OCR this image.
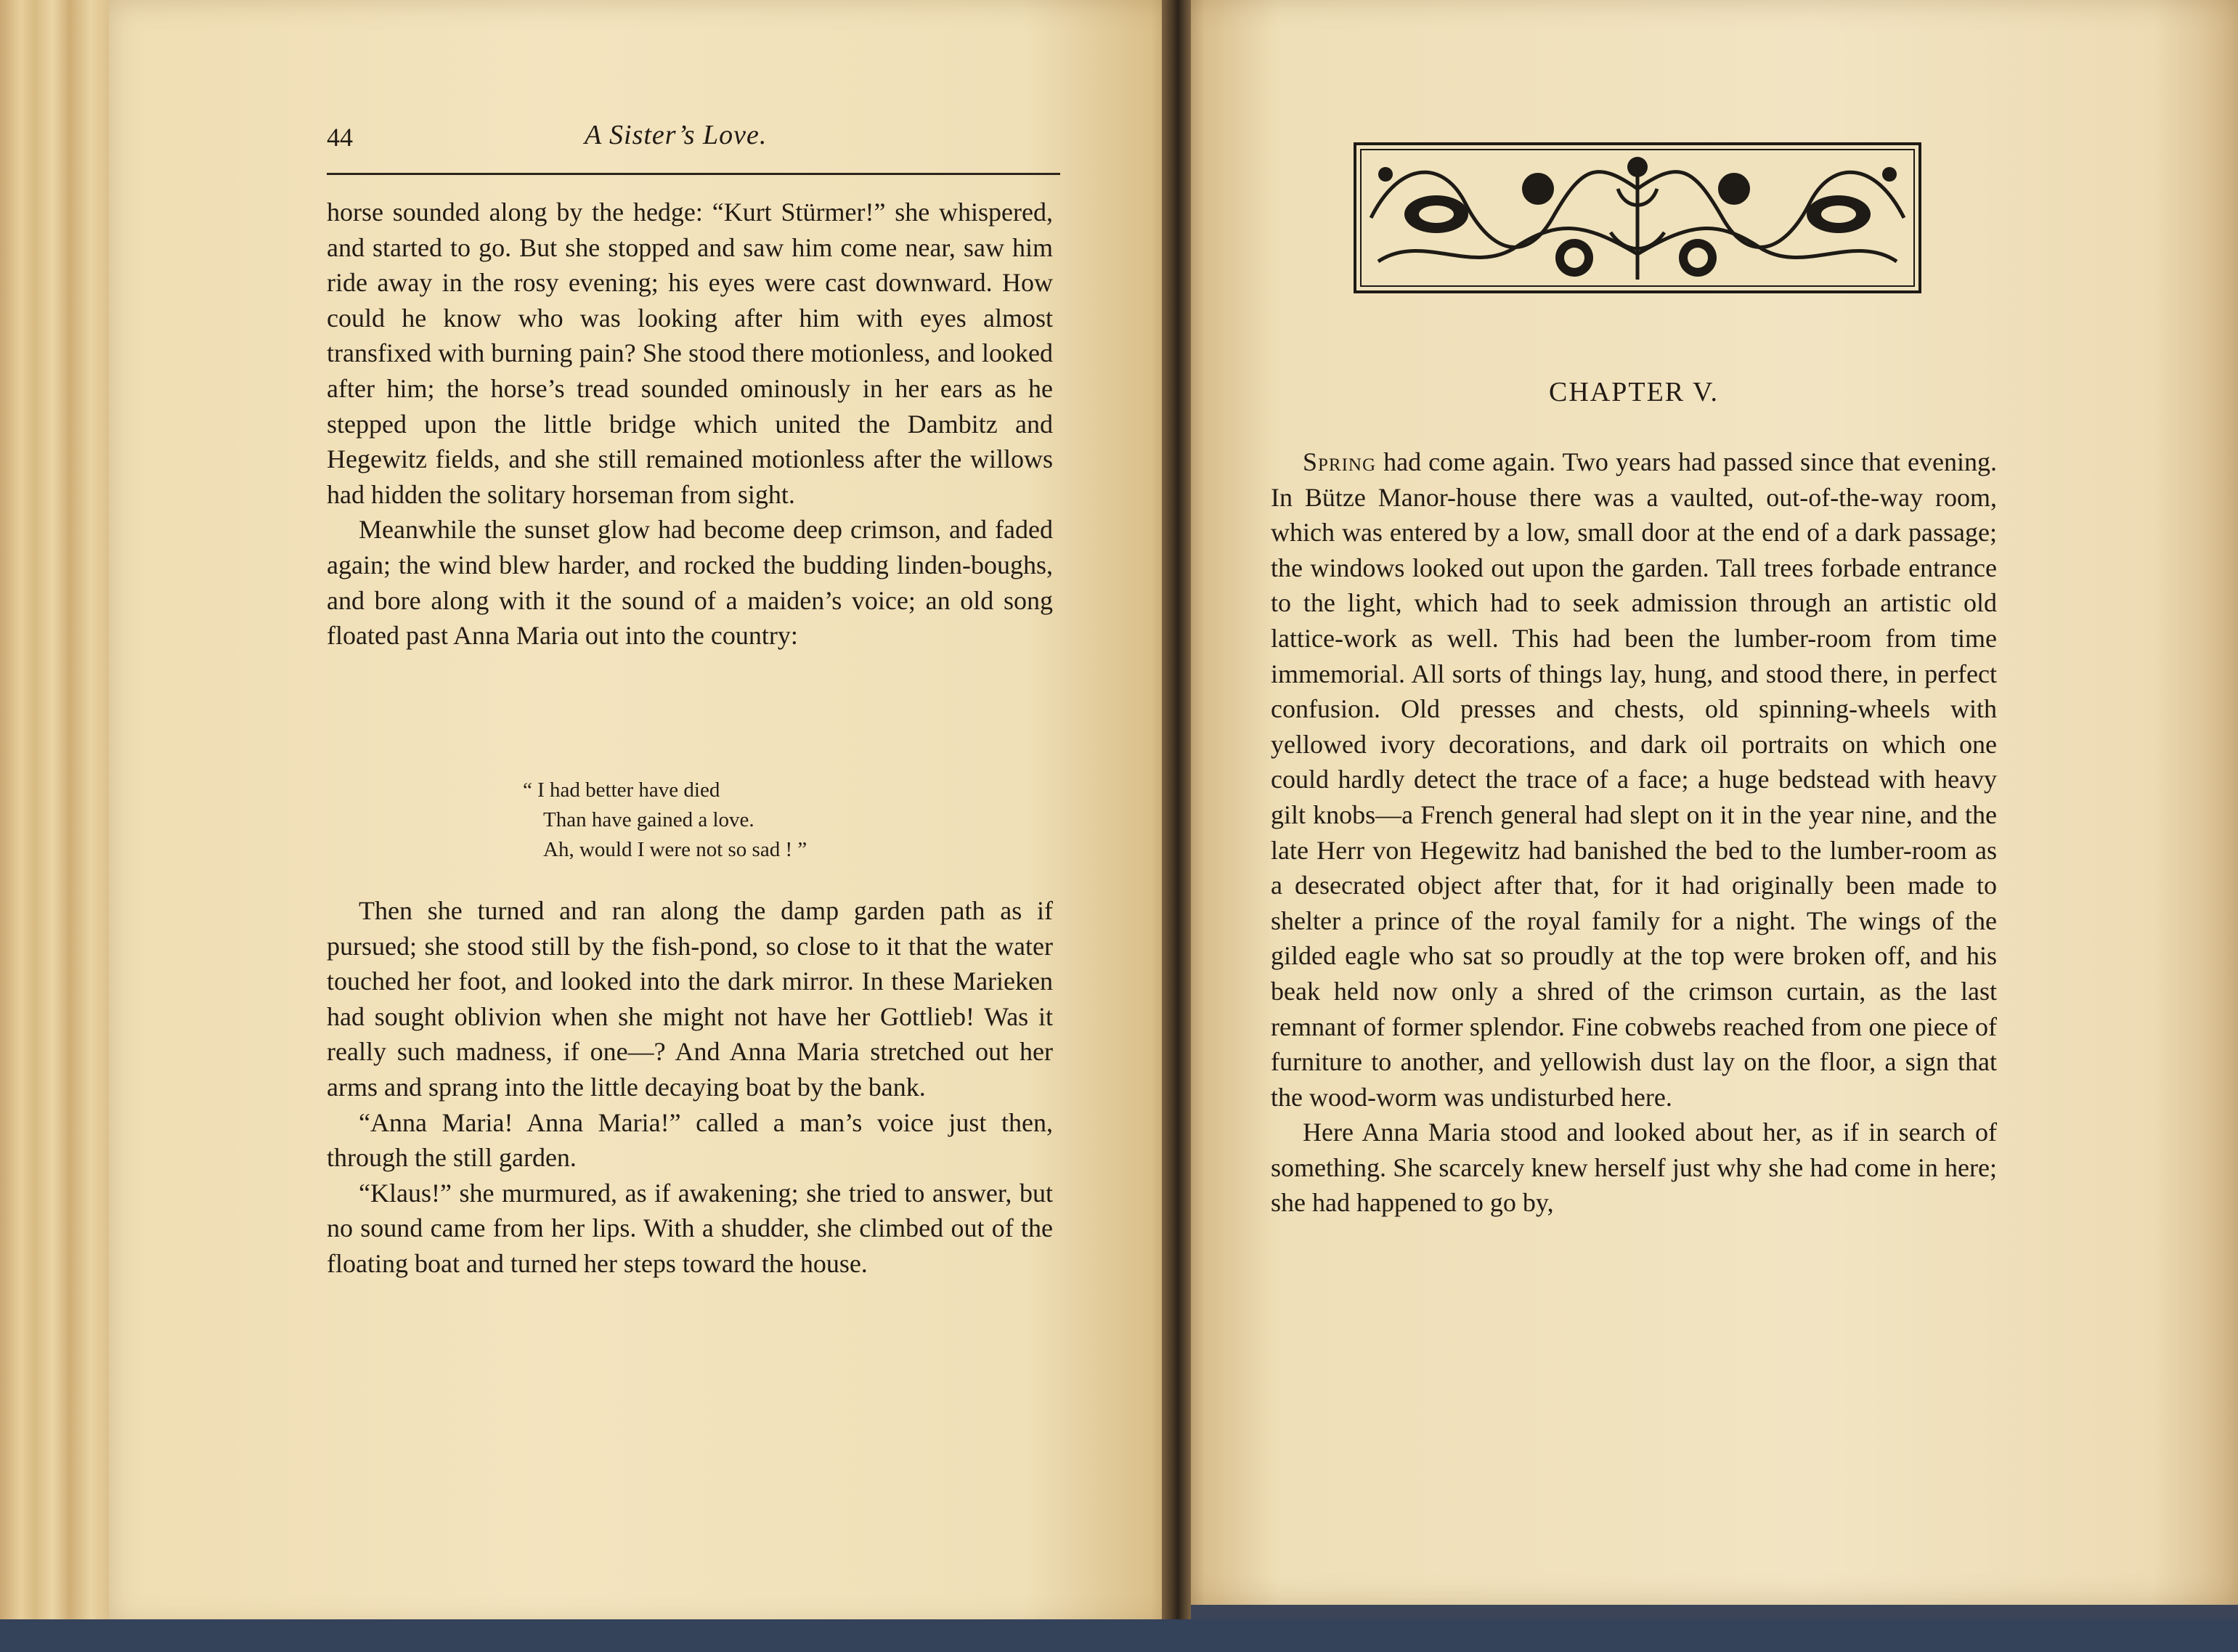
44	A Sister’s Love.

horse sounded along by the hedge: “Kurt Stürmer!” she whispered, and started to go. But she stopped and saw him come near, saw him ride away in the rosy evening; his eyes were cast downward. How could he know who was looking after him with eyes almost transfixed with burning pain? She stood there motionless, and looked after him; the horse’s tread sounded ominously in her ears as he stepped upon the little bridge which united the Dambitz and Hegewitz fields, and she still remained motionless after the willows had hidden the solitary horseman from sight.

Meanwhile the sunset glow had become deep crimson, and faded again; the wind blew harder, and rocked the budding linden-boughs, and bore along with it the sound of a maiden’s voice; an old song floated past Anna Maria out into the country:

“ I had better have died
Than have gained a love.
Ah, would I were not so sad ! ”

Then she turned and ran along the damp garden path as if pursued; she stood still by the fish-pond, so close to it that the water touched her foot, and looked into the dark mirror. In these Marieken had sought oblivion when she might not have her Gottlieb! Was it really such madness, if one—? And Anna Maria stretched out her arms and sprang into the little decaying boat by the bank.

“Anna Maria! Anna Maria!” called a man’s voice just then, through the still garden.

“Klaus!” she murmured, as if awakening; she tried to answer, but no sound came from her lips. With a shudder, she climbed out of the floating boat and turned her steps toward the house.

CHAPTER V.

Spring had come again. Two years had passed since that evening. In Bütze Manor-house there was a vaulted, out-of-the-way room, which was entered by a low, small door at the end of a dark passage; the windows looked out upon the garden. Tall trees forbade entrance to the light, which had to seek admission through an artistic old lattice-work as well. This had been the lumber-room from time immemorial. All sorts of things lay, hung, and stood there, in perfect confusion. Old presses and chests, old spinning-wheels with yellowed ivory decorations, and dark oil portraits on which one could hardly detect the trace of a face; a huge bedstead with heavy gilt knobs—a French general had slept on it in the year nine, and the late Herr von Hegewitz had banished the bed to the lumber-room as a desecrated object after that, for it had originally been made to shelter a prince of the royal family for a night. The wings of the gilded eagle who sat so proudly at the top were broken off, and his beak held now only a shred of the crimson curtain, as the last remnant of former splendor. Fine cobwebs reached from one piece of furniture to another, and yellowish dust lay on the floor, a sign that the wood-worm was undisturbed here.

Here Anna Maria stood and looked about her, as if in search of something. She scarcely knew herself just why she had come in here; she had happened to go by,
